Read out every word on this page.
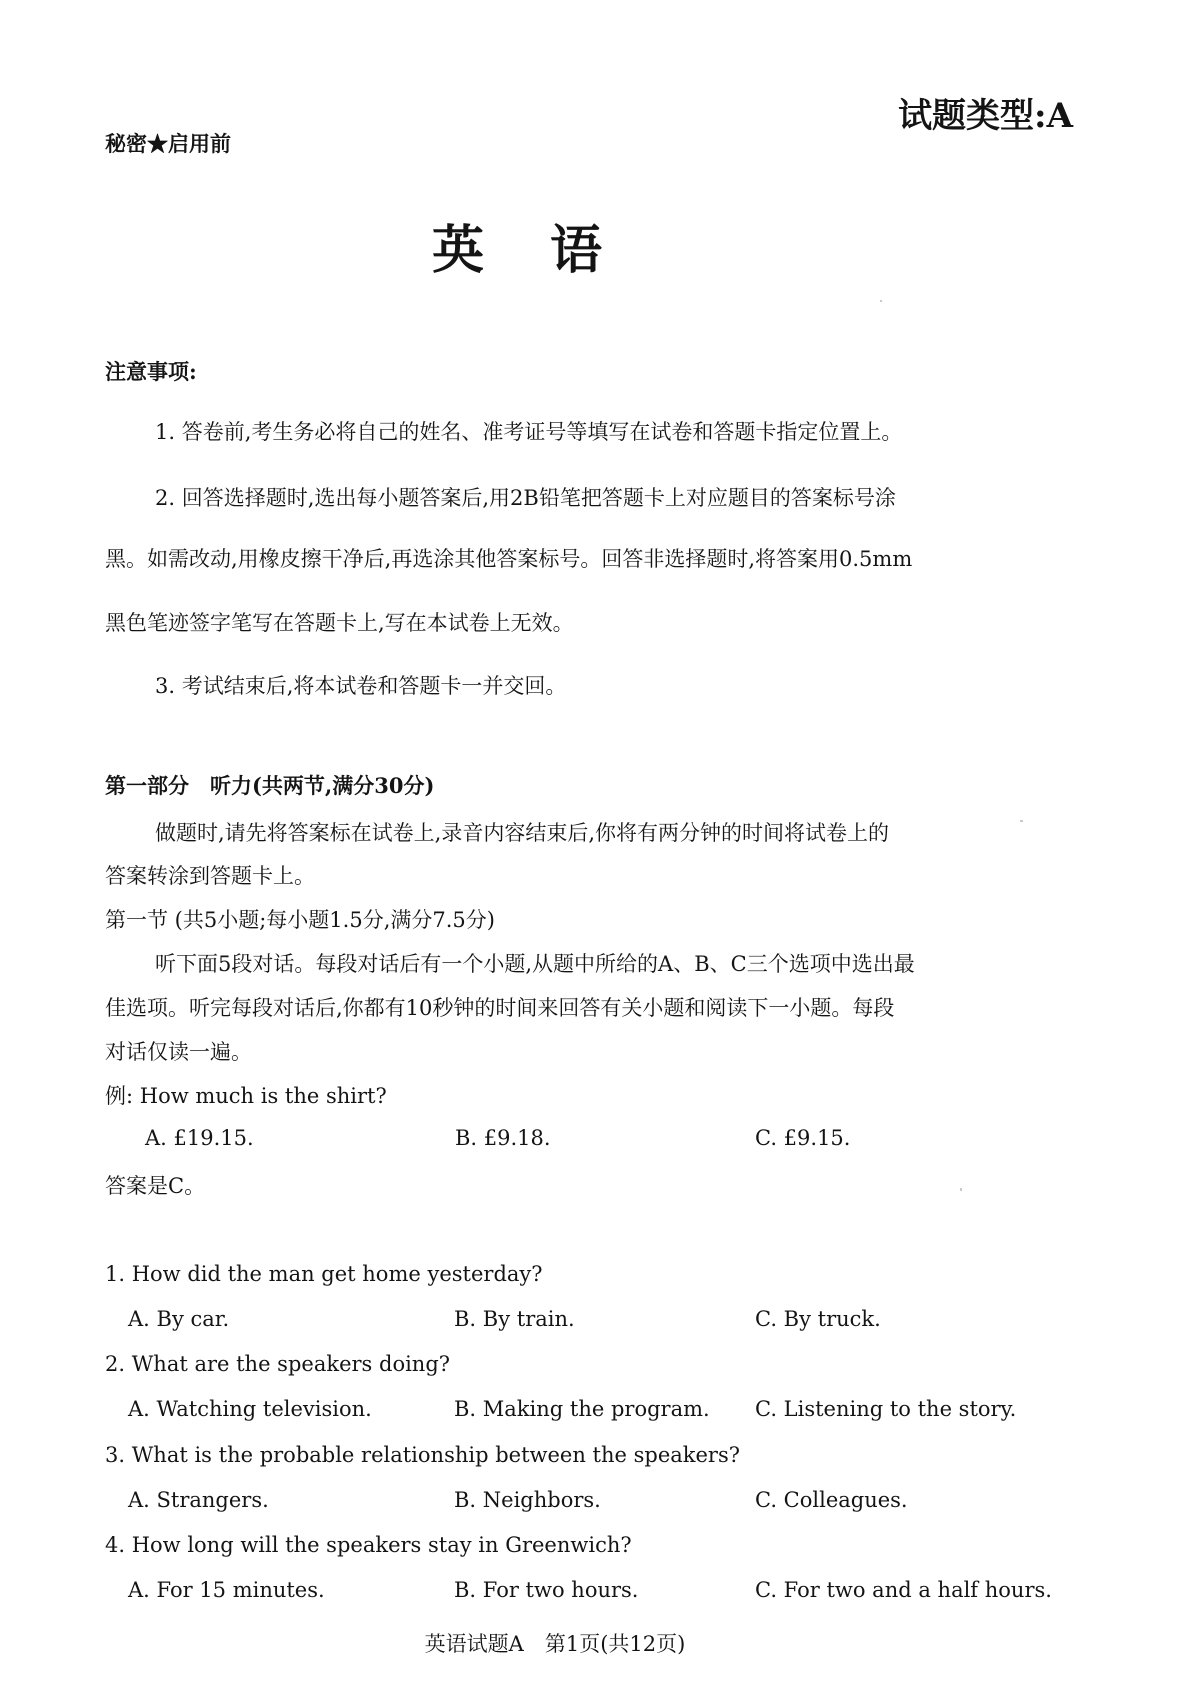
秘密★启用前
试题类型:A
英语
注意事项:
1. 答卷前,考生务必将自己的姓名、准考证号等填写在试卷和答题卡指定位置上。
2. 回答选择题时,选出每小题答案后,用2B铅笔把答题卡上对应题目的答案标号涂
黑。如需改动,用橡皮擦干净后,再选涂其他答案标号。回答非选择题时,将答案用0.5mm
黑色笔迹签字笔写在答题卡上,写在本试卷上无效。
3. 考试结束后,将本试卷和答题卡一并交回。
第一部分　听力(共两节,满分30分)
做题时,请先将答案标在试卷上,录音内容结束后,你将有两分钟的时间将试卷上的
答案转涂到答题卡上。
第一节 (共5小题;每小题1.5分,满分7.5分)
听下面5段对话。每段对话后有一个小题,从题中所给的A、B、C三个选项中选出最
佳选项。听完每段对话后,你都有10秒钟的时间来回答有关小题和阅读下一小题。每段
对话仅读一遍。
例: How much is the shirt?
A. £19.15.	B. £9.18.	C. £9.15.
答案是C。
1. How did the man get home yesterday?
A. By car.	B. By train.	C. By truck.
2. What are the speakers doing?
A. Watching television.	B. Making the program. C. Listening to the story.
3. What is the probable relationship between the speakers?
A. Strangers.	B. Neighbors.	C. Colleagues.
4. How long will the speakers stay in Greenwich?
A. For 15 minutes.	B. For two hours.	C. For two and a half hours.
英语试题A　第1页(共12页)
